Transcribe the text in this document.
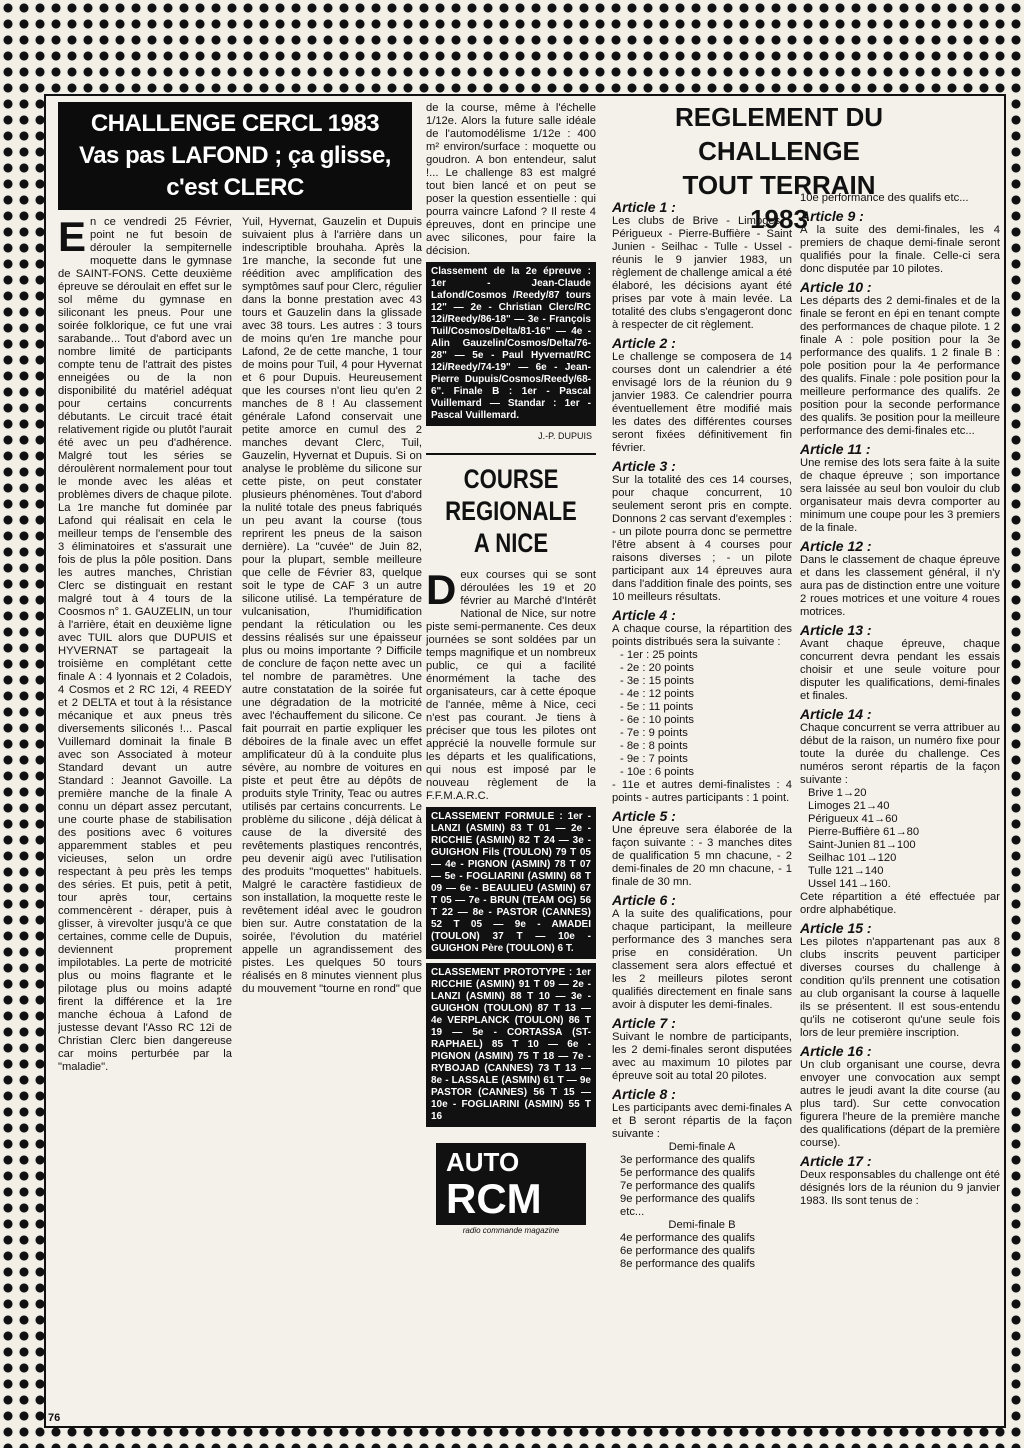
CHALLENGE CERCL 1983
Vas pas LAFOND ; ça glisse,
c'est CLERC
E n ce vendredi 25 Février, point ne fut besoin de dérouler la sempiternelle moquette dans le gymnase de SAINT-FONS. Cette deuxième épreuve se déroulait en effet sur le sol même du gymnase en siliconant les pneus. Pour une soirée folklorique, ce fut une vrai sarabande... Tout d'abord avec un nombre limité de participants compte tenu de l'attrait des pistes enneigées ou de la non disponibilité du matériel adéquat pour certains concurrents débutants. Le circuit tracé était relativement rigide ou plutôt l'aurait été avec un peu d'adhérence. Malgré tout les séries se déroulèrent normalement pour tout le monde avec les aléas et problèmes divers de chaque pilote. La 1re manche fut dominée par Lafond qui réalisait en cela le meilleur temps de l'ensemble des 3 éliminatoires et s'assurait une fois de plus la pôle position. Dans les autres manches, Christian Clerc se distinguait en restant malgré tout à 4 tours de la Coosmos n° 1. GAUZELIN, un tour à l'arrière, était en deuxième ligne avec TUIL alors que DUPUIS et HYVERNAT se partageait la troisième en complétant cette finale A : 4 lyonnais et 2 Coladois, 4 Cosmos et 2 RC 12i, 4 REEDY et 2 DELTA et tout à la résistance mécanique et aux pneus très diversements siliconés !... Pascal Vuillemard dominait la finale B avec son Associated à moteur Standard devant un autre Standard : Jeannot Gavoille. La première manche de la finale A connu un départ assez percutant, une courte phase de stabilisation des positions avec 6 voitures apparemment stables et peu vicieuses, selon un ordre respectant à peu près les temps des séries. Et puis, petit à petit, tour après tour, certains commencèrent - déraper, puis à glisser, à virevolter jusqu'à ce que certaines, comme celle de Dupuis, deviennent proprement impilotables. La perte de motricité plus ou moins flagrante et le pilotage plus ou moins adapté firent la différence et la 1re manche échoua à Lafond de justesse devant l'Asso RC 12i de Christian Clerc bien dangereuse car moins perturbée par la "maladie".

Yuil, Hyvernat, Gauzelin et Dupuis suivaient plus à l'arrière dans un indescriptible brouhaha. Après la 1re manche, la seconde fut une réédition avec amplification des symptômes sauf pour Clerc, régulier dans la bonne prestation avec 43 tours et Gauzelin dans la glissade avec 38 tours. Les autres : 3 tours de moins qu'en 1re manche pour Lafond, 2e de cette manche, 1 tour de moins pour Tuil, 4 pour Hyvernat et 6 pour Dupuis. Heureusement que les courses n'ont lieu qu'en 2 manches de 8 ! Au classement générale Lafond conservait une petite amorce en cumul des 2 manches devant Clerc, Tuil, Gauzelin, Hyvernat et Dupuis. Si on analyse le problème du silicone sur cette piste, on peut constater plusieurs phénomènes. Tout d'abord la nulité totale des pneus fabriqués un peu avant la course (tous reprirent les pneus de la saison dernière). La "cuvée" de Juin 82, pour la plupart, semble meilleure que celle de Février 83, quelque soit le type de CAF 3 un autre silicone utilisé. La température de vulcanisation, l'humidification pendant la réticulation ou les dessins réalisés sur une épaisseur plus ou moins importante ? Difficile de conclure de façon nette avec un tel nombre de paramètres. Une autre constatation de la soirée fut une dégradation de la motricité avec l'échauffement du silicone. Ce fait pourrait en partie expliquer les déboires de la finale avec un effet amplificateur dû à la conduite plus sévère, au nombre de voitures en piste et peut être au dépôts de produits style Trinity, Teac ou autres utilisés par certains concurrents. Le problème du silicone , déjà délicat à cause de la diversité des revêtements plastiques rencontrés, peu devenir aigü avec l'utilisation des produits "moquettes" habituels. Malgré le caractère fastidieux de son installation, la moquette reste le revêtement idéal avec le goudron bien sur. Autre constatation de la soirée, l'évolution du matériel appelle un agrandissement des pistes. Les quelques 50 tours réalisés en 8 minutes viennent plus du mouvement "tourne en rond" que

de la course, même à l'échelle 1/12e. Alors la future salle idéale de l'automodélisme 1/12e : 400 m² environ/surface : moquette ou goudron. A bon entendeur, salut !... Le challenge 83 est malgré tout bien lancé et on peut se poser la question essentielle : qui pourra vaincre Lafond ? Il reste 4 épreuves, dont en principe une avec silicones, pour faire la décision.

Classement de la 2e épreuve : 1er - Jean-Claude Lafond/Cosmos /Reedy/87 tours 12" — 2e - Christian Clerc/RC 12i/Reedy/86-18" — 3e - François Tuil/Cosmos/Delta/81-16" — 4e - Alin Gauzelin/Cosmos/Delta/76-28" — 5e - Paul Hyvernat/RC 12i/Reedy/74-19" — 6e - Jean-Pierre Dupuis/Cosmos/Reedy/68-6". Finale B : 1er - Pascal Vuillemard — Standar : 1er - Pascal Vuillemard.
J.-P. DUPUIS
COURSE
REGIONALE
A NICE
D eux courses qui se sont déroulées les 19 et 20 février au Marché d'Intérêt National de Nice, sur notre piste semi-permanente. Ces deux journées se sont soldées par un temps magnifique et un nombreux public, ce qui a facilité énormément la tache des organisateurs, car à cette époque de l'année, même à Nice, ceci n'est pas courant. Je tiens à préciser que tous les pilotes ont apprécié la nouvelle formule sur les départs et les qualifications, qui nous est imposé par le nouveau règlement de la F.F.M.A.R.C.

CLASSEMENT FORMULE : 1er - LANZI (ASMIN) 83 T 01 — 2e - RICCHIE (ASMIN) 82 T 24 — 3e - GUIGHON Fils (TOULON) 79 T 05 — 4e - PIGNON (ASMIN) 78 T 07 — 5e - FOGLIARINI (ASMIN) 68 T 09 — 6e - BEAULIEU (ASMIN) 67 T 05 — 7e - BRUN (TEAM OG) 56 T 22 — 8e - PASTOR (CANNES) 52 T 05 — 9e - AMADEI (TOULON) 37 T — 10e - GUIGHON Père (TOULON) 6 T.
CLASSEMENT PROTOTYPE : 1er RICCHIE (ASMIN) 91 T 09 — 2e - LANZI (ASMIN) 88 T 10 — 3e - GUIGHON (TOULON) 87 T 13 — 4e VERPLANCK (TOULON) 86 T 19 — 5e - CORTASSA (ST-RAPHAEL) 85 T 10 — 6e - PIGNON (ASMIN) 75 T 18 — 7e - RYBOJAD (CANNES) 73 T 13 — 8e - LASSALE (ASMIN) 61 T — 9e PASTOR (CANNES) 56 T 15 — 10e - FOGLIARINI (ASMIN) 55 T 16
AUTO
RCM
radio commande magazine
REGLEMENT DU CHALLENGE
TOUT TERRAIN
1983
Article 1 :

Les clubs de Brive - Limoges - Périgueux - Pierre-Buffière - Saint Junien - Seilhac - Tulle - Ussel - réunis le 9 janvier 1983, un règlement de challenge amical a été élaboré, les décisions ayant été prises par vote à main levée. La totalité des clubs s'engageront donc à respecter de cit règlement.

Article 2 :

Le challenge se composera de 14 courses dont un calendrier a été envisagé lors de la réunion du 9 janvier 1983. Ce calendrier pourra éventuellement être modifié mais les dates des différentes courses seront fixées définitivement fin février.

Article 3 :

Sur la totalité des ces 14 courses, pour chaque concurrent, 10 seulement seront pris en compte. Donnons 2 cas servant d'exemples : - un pilote pourra donc se permettre l'être absent à 4 courses pour raisons diverses ; - un pilote participant aux 14 épreuves aura dans l'addition finale des points, ses 10 meilleurs résultats.

Article 4 :

A chaque course, la répartition des points distribués sera la suivante :

- 1er : 25 points
- 2e : 20 points
- 3e : 15 points
- 4e : 12 points
- 5e : 11 points
- 6e : 10 points
- 7e : 9 points
- 8e : 8 points
- 9e : 7 points
- 10e : 6 points

- 11e et autres demi-finalistes : 4 points - autres participants : 1 point.

Article 5 :

Une épreuve sera élaborée de la façon suivante : - 3 manches dites de qualification 5 mn chacune, - 2 demi-finales de 20 mn chacune, - 1 finale de 30 mn.

Article 6 :

A la suite des qualifications, pour chaque participant, la meilleure performance des 3 manches sera prise en considération. Un classement sera alors effectué et les 2 meilleurs pilotes seront qualifiés directement en finale sans avoir à disputer les demi-finales.

Article 7 :

Suivant le nombre de participants, les 2 demi-finales seront disputées avec au maximum 10 pilotes par épreuve soit au total 20 pilotes.

Article 8 :

Les participants avec demi-finales A et B seront répartis de la façon suivante :

Demi-finale A
3e performance des qualifs
5e performance des qualifs
7e performance des qualifs
9e performance des qualifs
etc...
Demi-finale B
4e performance des qualifs
6e performance des qualifs
8e performance des qualifs

10e performance des qualifs etc...

Article 9 :

A la suite des demi-finales, les 4 premiers de chaque demi-finale seront qualifiés pour la finale. Celle-ci sera donc disputée par 10 pilotes.

Article 10 :

Les départs des 2 demi-finales et de la finale se feront en épi en tenant compte des performances de chaque pilote. 1 2 finale A : pole position pour la 3e performance des qualifs. 1 2 finale B : pole position pour la 4e performance des qualifs. Finale : pole position pour la meilleure performance des qualifs. 2e position pour la seconde performance des qualifs. 3e position pour la meilleure performance des demi-finales etc...

Article 11 :

Une remise des lots sera faite à la suite de chaque épreuve ; son importance sera laissée au seul bon vouloir du club organisateur mais devra comporter au minimum une coupe pour les 3 premiers de la finale.

Article 12 :

Dans le classement de chaque épreuve et dans les classement général, il n'y aura pas de distinction entre une voiture 2 roues motrices et une voiture 4 roues motrices.

Article 13 :

Avant chaque épreuve, chaque concurrent devra pendant les essais choisir et une seule voiture pour disputer les qualifications, demi-finales et finales.

Article 14 :

Chaque concurrent se verra attribuer au début de la raison, un numéro fixe pour toute la durée du challenge. Ces numéros seront répartis de la façon suivante :

Brive 1→20
Limoges 21→40
Périgueux 41→60
Pierre-Buffière 61→80
Saint-Junien 81→100
Seilhac 101→120
Tulle 121→140
Ussel 141→160.

Cete répartition a été effectuée par ordre alphabétique.

Article 15 :

Les pilotes n'appartenant pas aux 8 clubs inscrits peuvent participer diverses courses du challenge à condition qu'ils prennent une cotisation au club organisant la course à laquelle ils se présentent. Il est sous-entendu qu'ils ne cotiseront qu'une seule fois lors de leur première inscription.

Article 16 :

Un club organisant une course, devra envoyer une convocation aux sempt autres le jeudi avant la dite course (au plus tard). Sur cette convocation figurera l'heure de la première manche des qualifications (départ de la première course).

Article 17 :

Deux responsables du challenge ont été désignés lors de la réunion du 9 janvier 1983. Ils sont tenus de :

76
